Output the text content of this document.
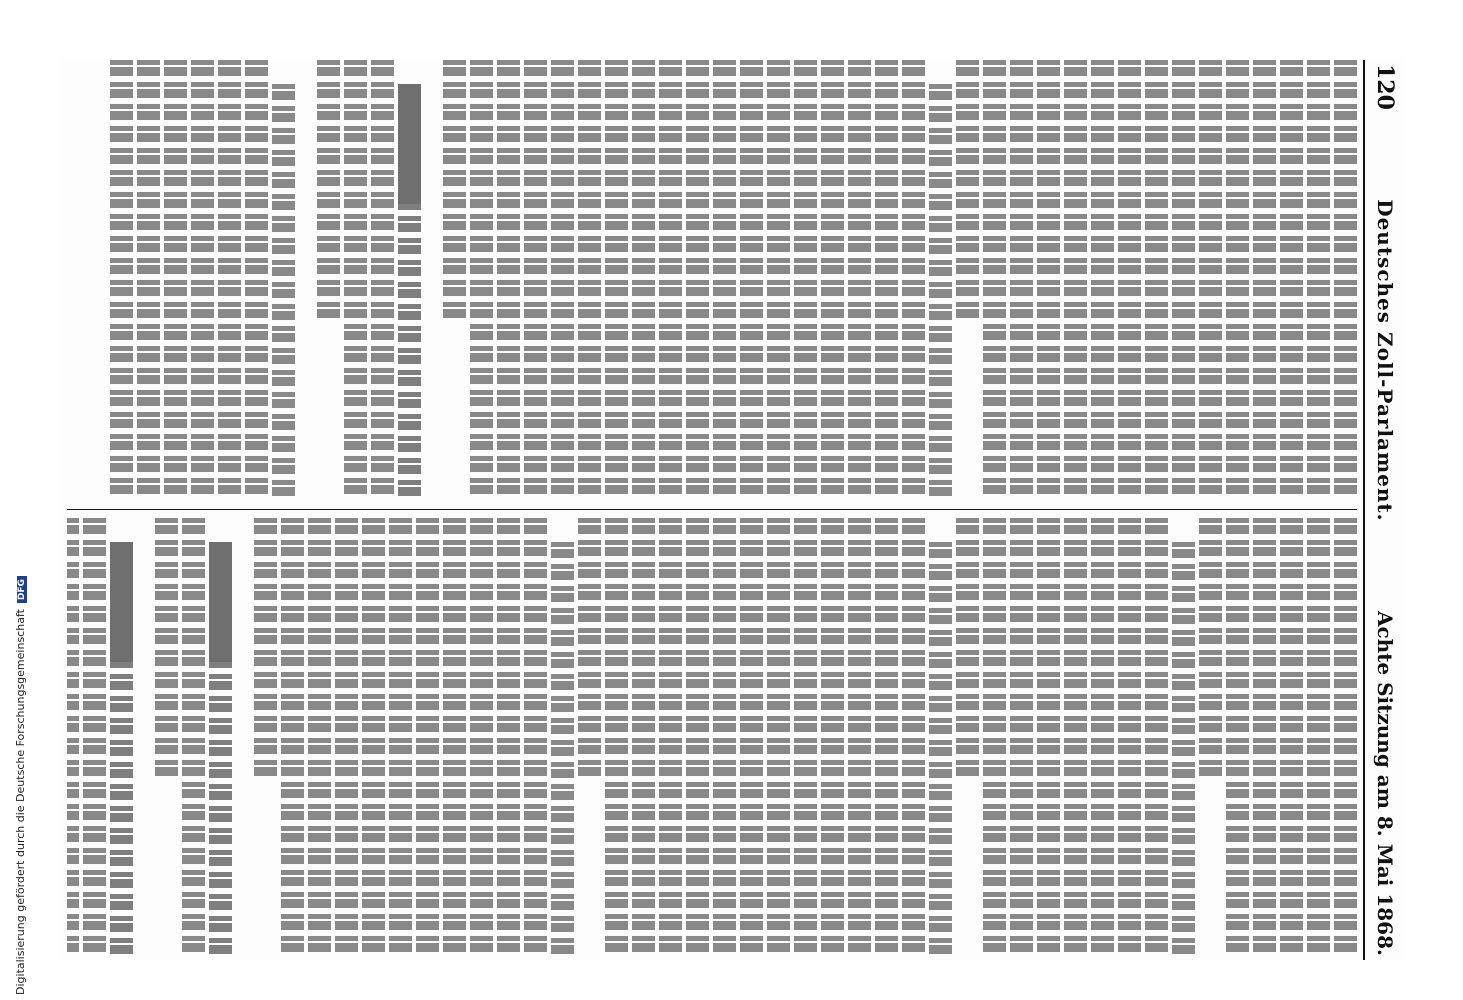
120
Deutsches Zoll-Parlament.
Achte Sitzung am 8. Mai 1868.
Digitalisierung gefördert durch die Deutsche ForschungsgemeinschaftDFG
